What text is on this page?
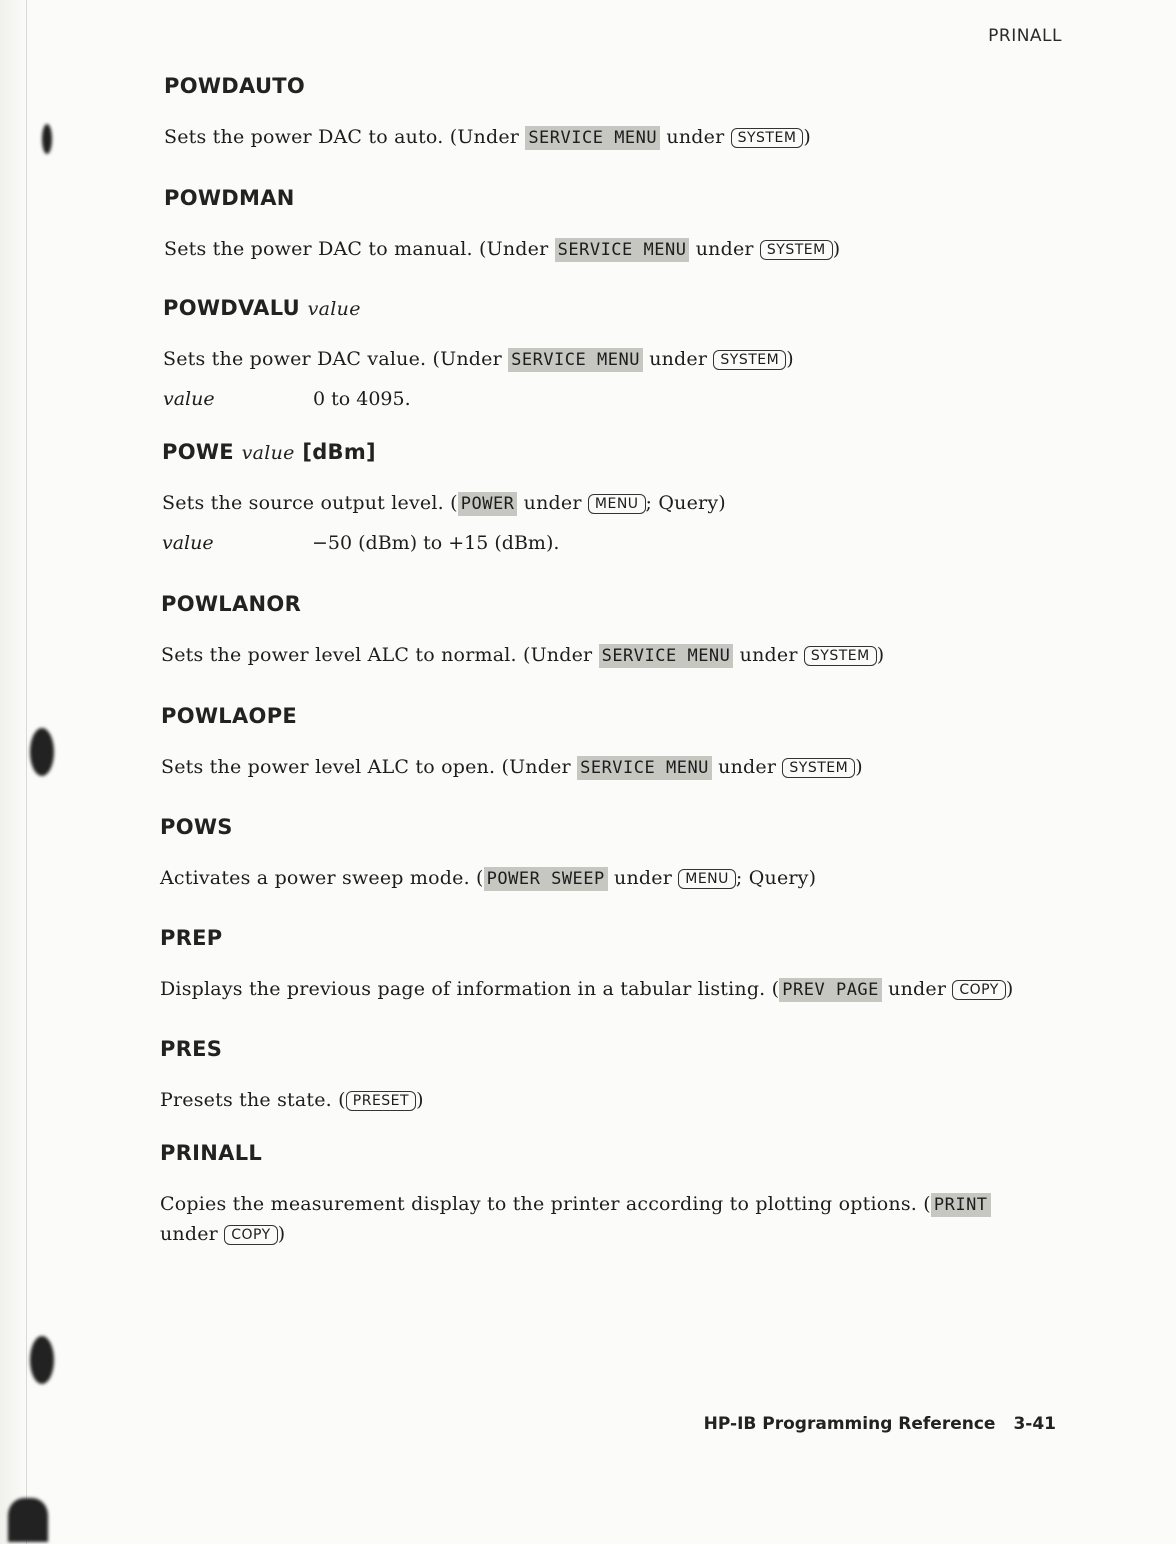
PRINALL
POWDAUTO
Sets the power DAC to auto. (Under SERVICE MENU under SYSTEM )
POWDMAN
Sets the power DAC to manual. (Under SERVICE MENU under SYSTEM )
POWDVALU value
Sets the power DAC value. (Under SERVICE MENU under SYSTEM )
value	0 to 4095.
POWE value [dBm]
Sets the source output level. ( POWER under MENU ; Query)
value	−50 (dBm) to +15 (dBm).
POWLANOR
Sets the power level ALC to normal. (Under SERVICE MENU under SYSTEM )
POWLAOPE
Sets the power level ALC to open. (Under SERVICE MENU under SYSTEM )
POWS
Activates a power sweep mode. ( POWER SWEEP under MENU ; Query)
PREP
Displays the previous page of information in a tabular listing. ( PREV PAGE under COPY )
PRES
Presets the state. ( PRESET )
PRINALL
Copies the measurement display to the printer according to plotting options. ( PRINT under COPY )
HP-IB Programming Reference 3-41
